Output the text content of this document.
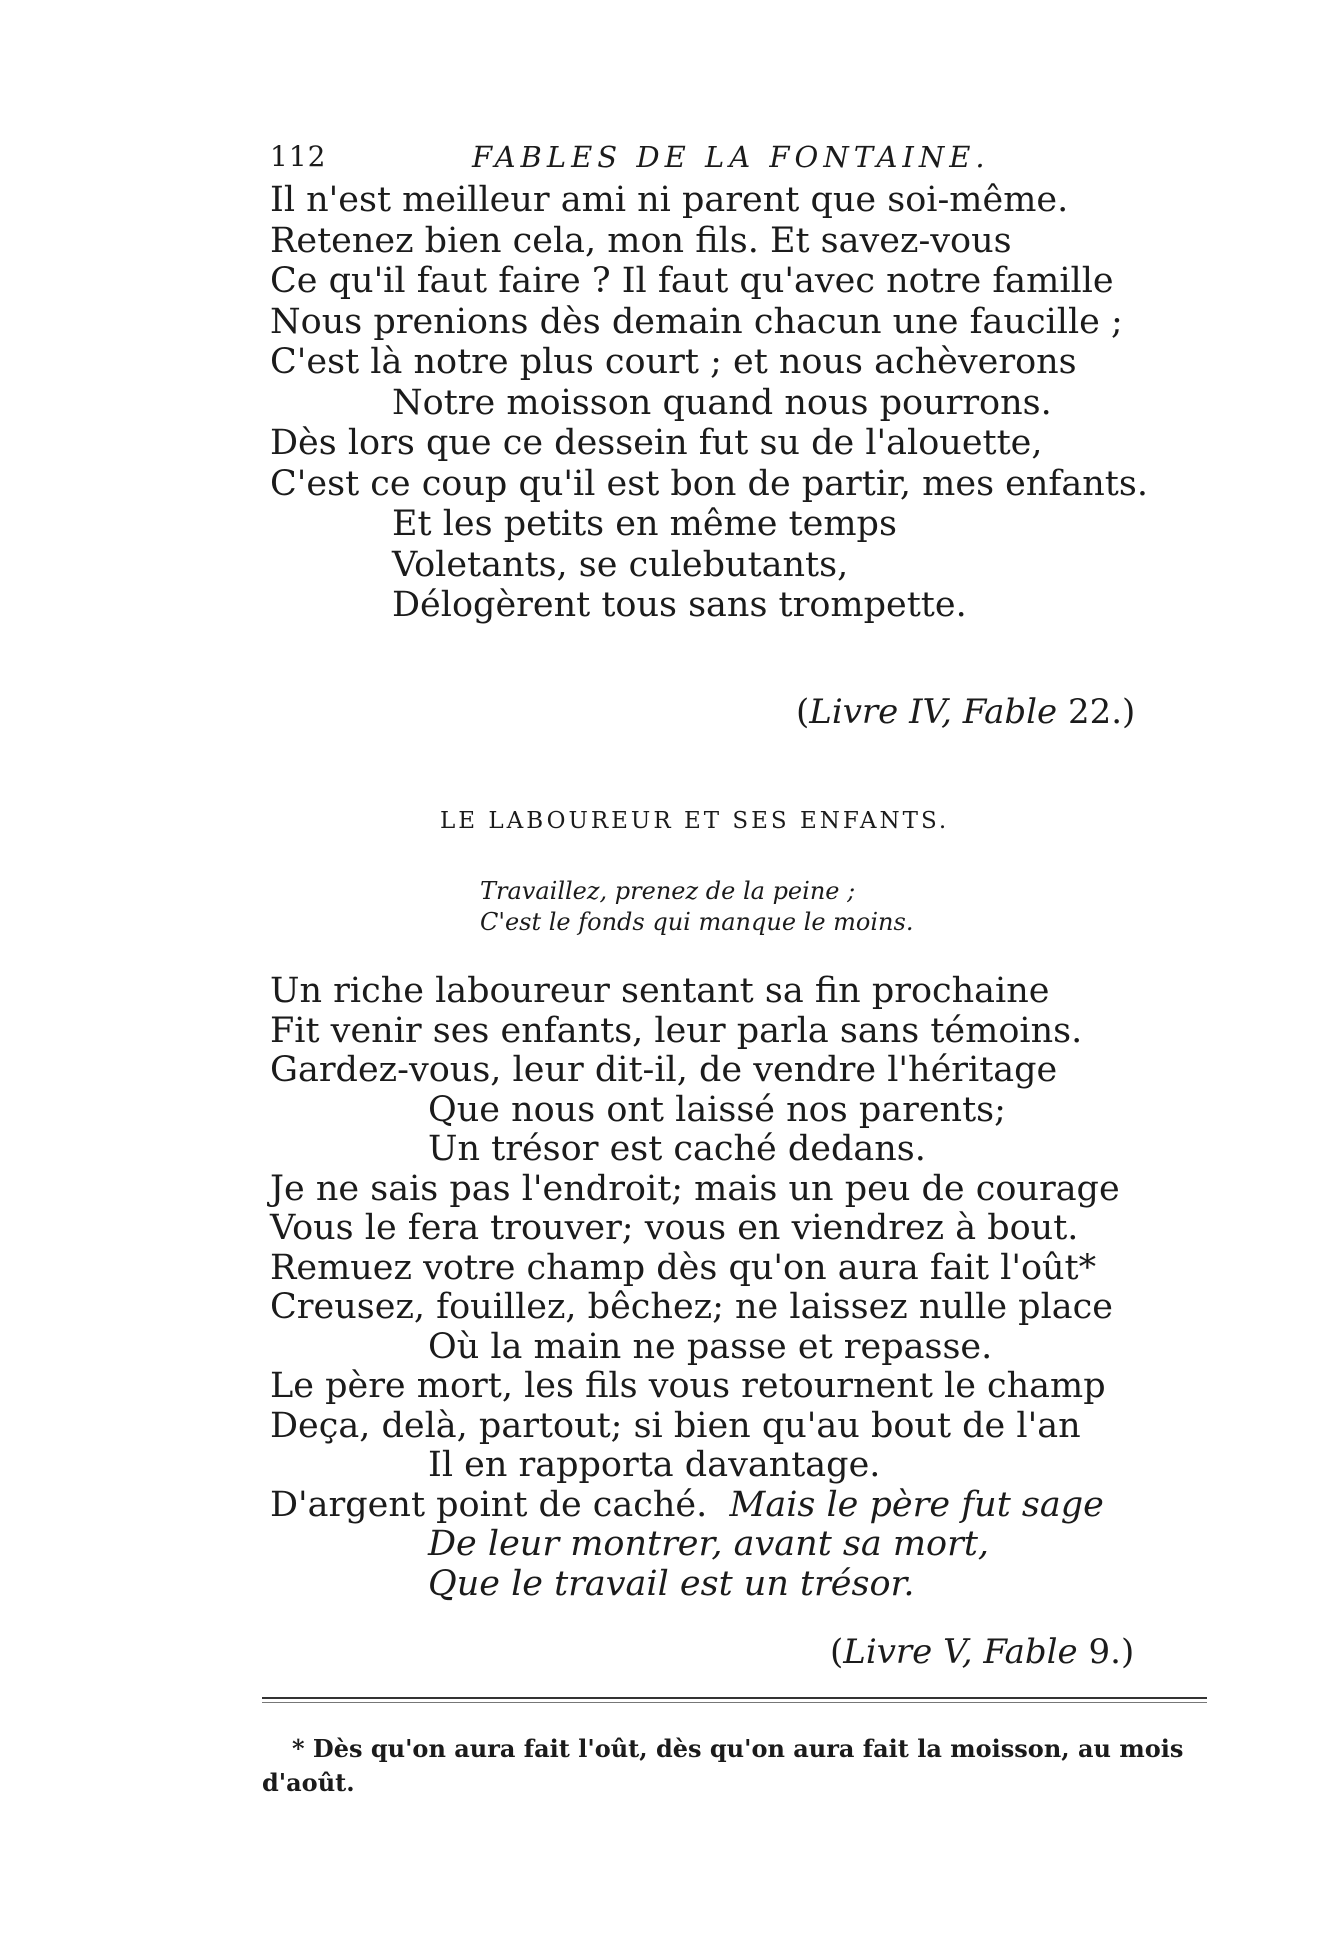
112	FABLES DE LA FONTAINE.
Il n'est meilleur ami ni parent que soi-même.
Retenez bien cela, mon fils. Et savez-vous
Ce qu'il faut faire ? Il faut qu'avec notre famille
Nous prenions dès demain chacun une faucille ;
C'est là notre plus court ; et nous achèverons
Notre moisson quand nous pourrons.
Dès lors que ce dessein fut su de l'alouette,
C'est ce coup qu'il est bon de partir, mes enfants.
Et les petits en même temps
Voletants, se culebutants,
Délogèrent tous sans trompette.
(Livre IV, Fable 22.)
LE LABOUREUR ET SES ENFANTS.
Travaillez, prenez de la peine ;
C'est le fonds qui manque le moins.
Un riche laboureur sentant sa fin prochaine
Fit venir ses enfants, leur parla sans témoins.
Gardez-vous, leur dit-il, de vendre l'héritage
Que nous ont laissé nos parents;
Un trésor est caché dedans.
Je ne sais pas l'endroit; mais un peu de courage
Vous le fera trouver; vous en viendrez à bout.
Remuez votre champ dès qu'on aura fait l'oût*
Creusez, fouillez, bêchez; ne laissez nulle place
Où la main ne passe et repasse.
Le père mort, les fils vous retournent le champ
Deça, delà, partout; si bien qu'au bout de l'an
Il en rapporta davantage.
D'argent point de caché. Mais le père fut sage
De leur montrer, avant sa mort,
Que le travail est un trésor.
(Livre V, Fable 9.)
* Dès qu'on aura fait l'oût, dès qu'on aura fait la moisson, au mois d'août.
